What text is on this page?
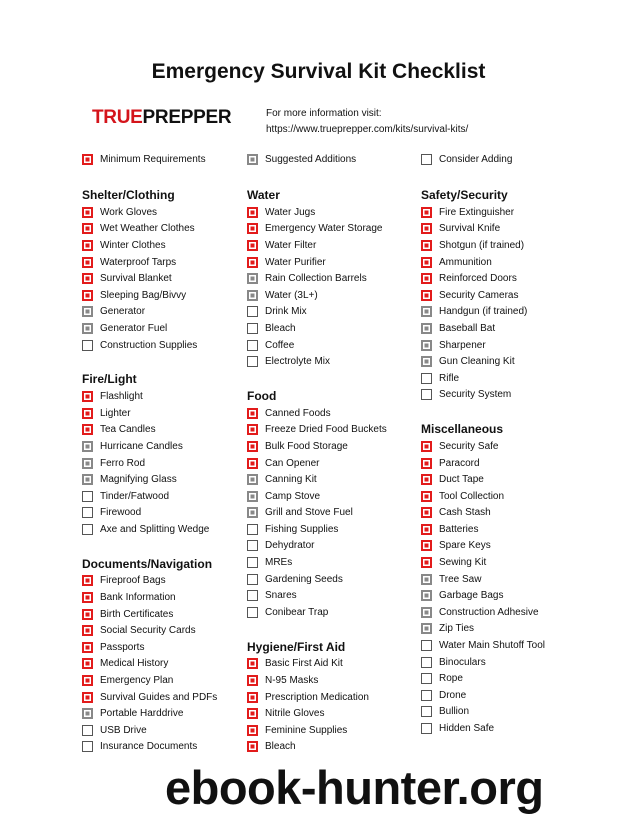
Emergency Survival Kit Checklist
TRUEPREPPER	For more information visit:
https://www.trueprepper.com/kits/survival-kits/
Minimum Requirements	Suggested Additions	Consider Adding
Shelter/Clothing
Work Gloves
Wet Weather Clothes
Winter Clothes
Waterproof Tarps
Survival Blanket
Sleeping Bag/Bivvy
Generator
Generator Fuel
Construction Supplies
Fire/Light
Flashlight
Lighter
Tea Candles
Hurricane Candles
Ferro Rod
Magnifying Glass
Tinder/Fatwood
Firewood
Axe and Splitting Wedge
Documents/Navigation
Fireproof Bags
Bank Information
Birth Certificates
Social Security Cards
Passports
Medical History
Emergency Plan
Survival Guides and PDFs
Portable Harddrive
USB Drive
Insurance Documents
Water
Water Jugs
Emergency Water Storage
Water Filter
Water Purifier
Rain Collection Barrels
Water (3L+)
Drink Mix
Bleach
Coffee
Electrolyte Mix
Food
Canned Foods
Freeze Dried Food Buckets
Bulk Food Storage
Can Opener
Canning Kit
Camp Stove
Grill and Stove Fuel
Fishing Supplies
Dehydrator
MREs
Gardening Seeds
Snares
Conibear Trap
Hygiene/First Aid
Basic First Aid Kit
N-95 Masks
Prescription Medication
Nitrile Gloves
Feminine Supplies
Bleach
Safety/Security
Fire Extinguisher
Survival Knife
Shotgun (if trained)
Ammunition
Reinforced Doors
Security Cameras
Handgun (if trained)
Baseball Bat
Sharpener
Gun Cleaning Kit
Rifle
Security System
Miscellaneous
Security Safe
Paracord
Duct Tape
Tool Collection
Cash Stash
Batteries
Spare Keys
Sewing Kit
Tree Saw
Garbage Bags
Construction Adhesive
Zip Ties
Water Main Shutoff Tool
Binoculars
Rope
Drone
Bullion
Hidden Safe
ebook-hunter.org
